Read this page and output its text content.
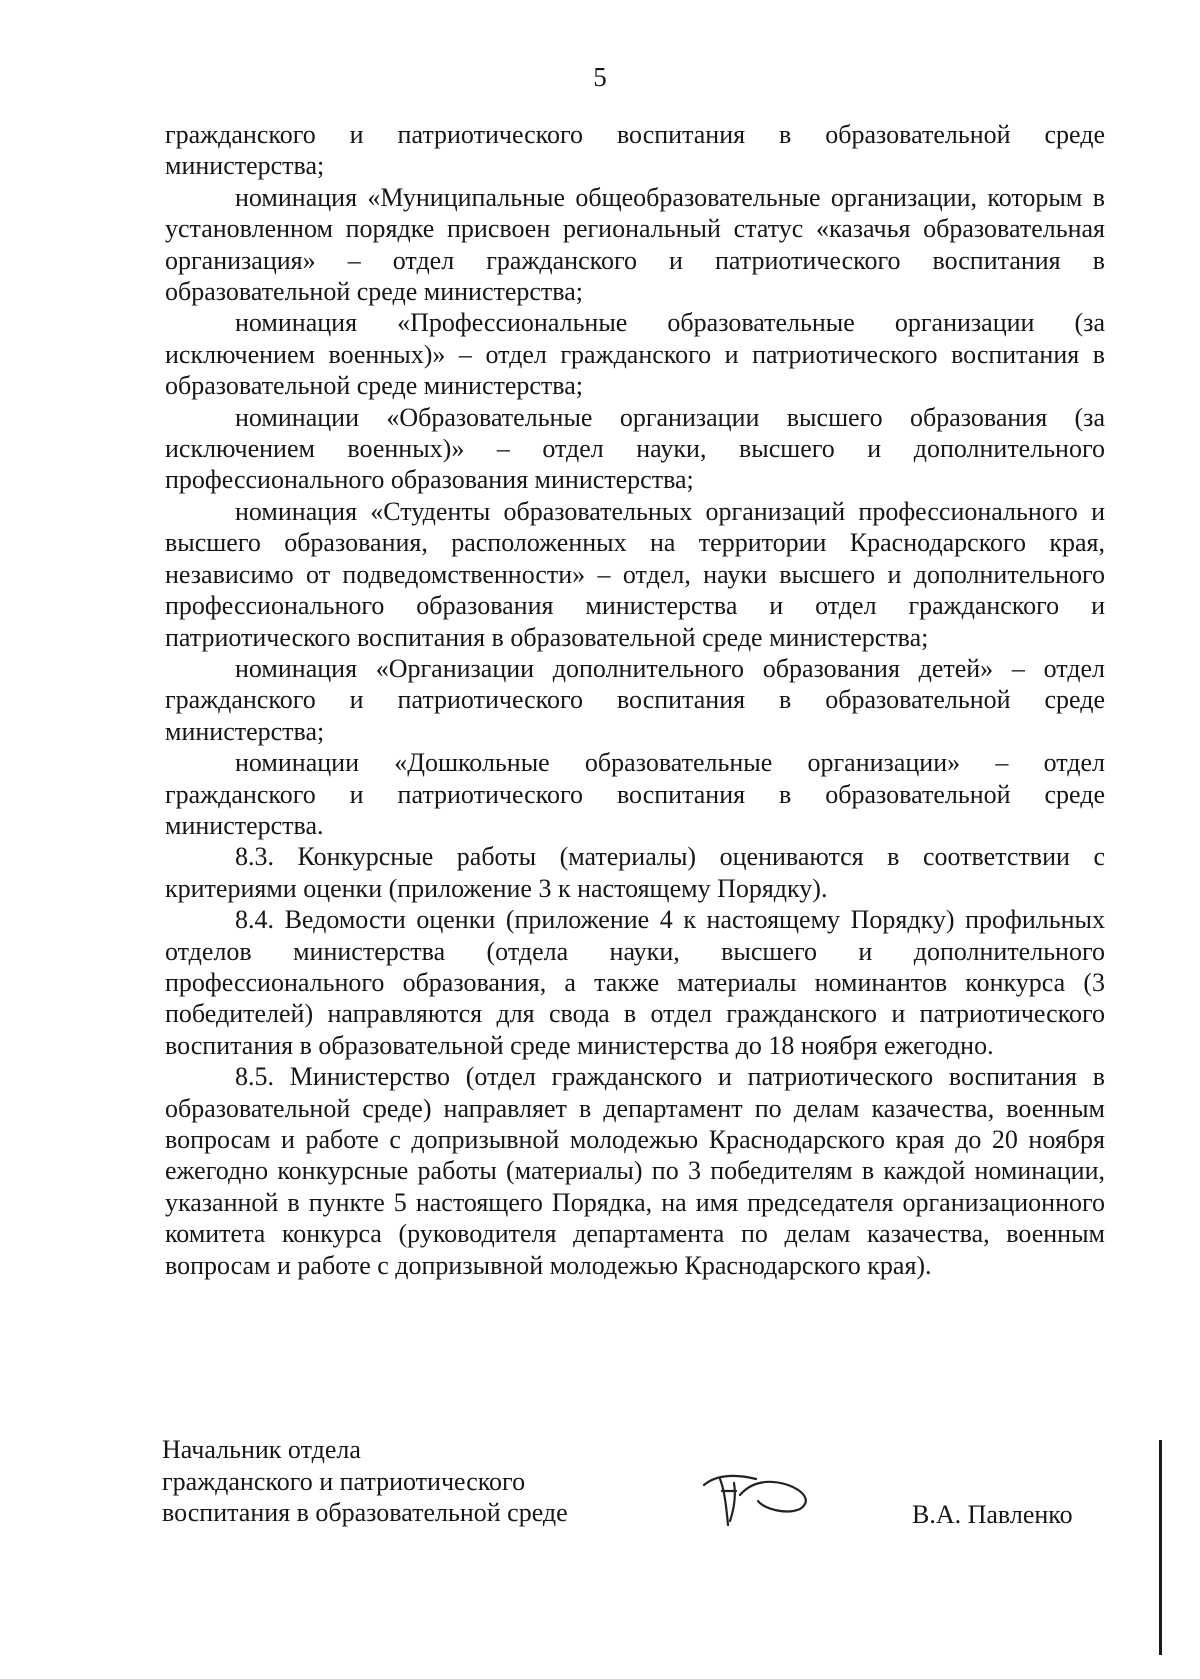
5

гражданского и патриотического воспитания в образовательной среде министерства;

номинация «Муниципальные общеобразовательные организации, которым в установленном порядке присвоен региональный статус «казачья образовательная организация» – отдел гражданского и патриотического воспитания в образовательной среде министерства;

номинация «Профессиональные образовательные организации (за исключением военных)» – отдел гражданского и патриотического воспитания в образовательной среде министерства;

номинации «Образовательные организации высшего образования (за исключением военных)» – отдел науки, высшего и дополнительного профессионального образования министерства;

номинация «Студенты образовательных организаций профессионального и высшего образования, расположенных на территории Краснодарского края, независимо от подведомственности» – отдел, науки высшего и дополнительного профессионального образования министерства и отдел гражданского и патриотического воспитания в образовательной среде министерства;

номинация «Организации дополнительного образования детей» – отдел гражданского и патриотического воспитания в образовательной среде министерства;

номинации «Дошкольные образовательные организации» – отдел гражданского и патриотического воспитания в образовательной среде министерства.

8.3. Конкурсные работы (материалы) оцениваются в соответствии с критериями оценки (приложение 3 к настоящему Порядку).

8.4. Ведомости оценки (приложение 4 к настоящему Порядку) профильных отделов министерства (отдела науки, высшего и дополнительного профессионального образования, а также материалы номинантов конкурса (3 победителей) направляются для свода в отдел гражданского и патриотического воспитания в образовательной среде министерства до 18 ноября ежегодно.

8.5. Министерство (отдел гражданского и патриотического воспитания в образовательной среде) направляет в департамент по делам казачества, военным вопросам и работе с допризывной молодежью Краснодарского края до 20 ноября ежегодно конкурсные работы (материалы) по 3 победителям в каждой номинации, указанной в пункте 5 настоящего Порядка, на имя председателя организационного комитета конкурса (руководителя департамента по делам казачества, военным вопросам и работе с допризывной молодежью Краснодарского края).

Начальник отдела
гражданского и патриотического
воспитания в образовательной среде	В.А. Павленко
